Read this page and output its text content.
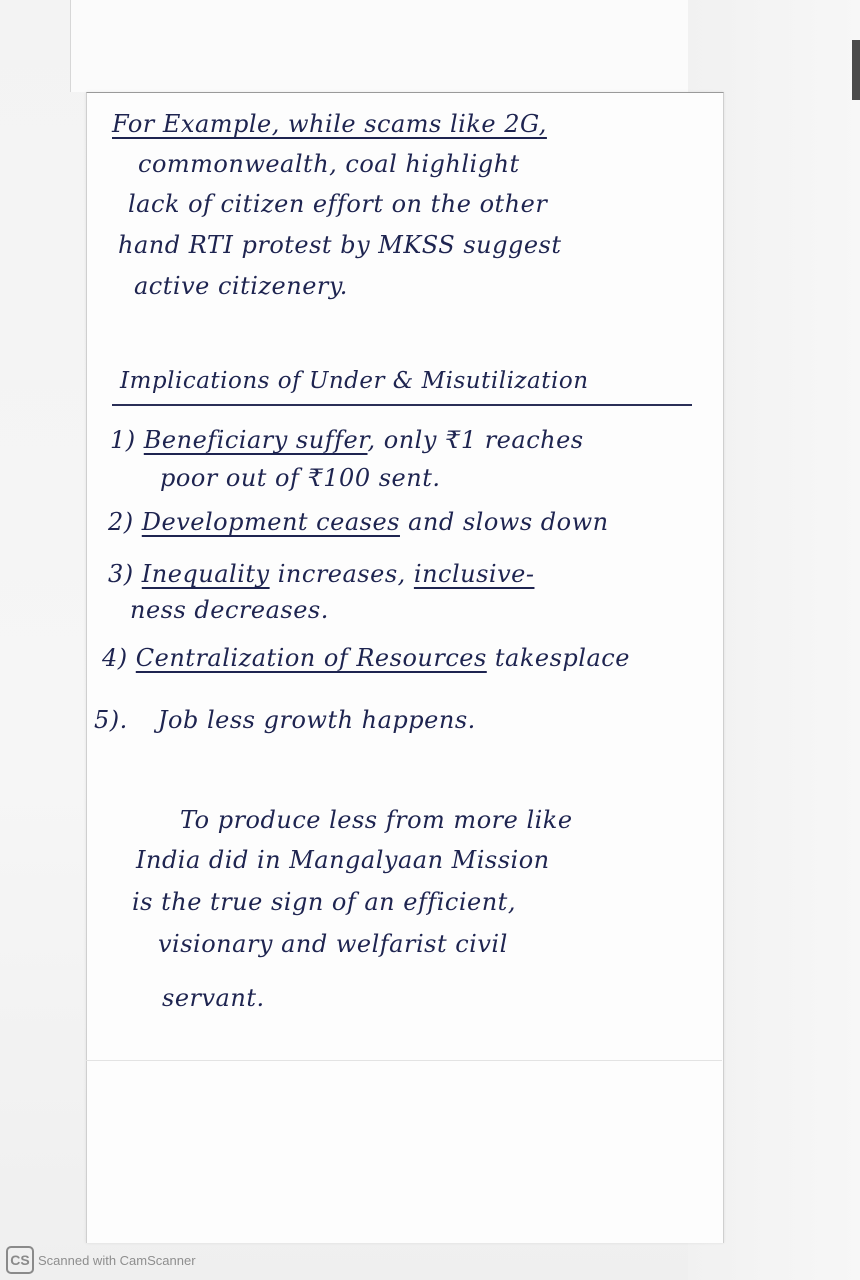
For Example, while scams like 2G,
commonwealth, coal highlight
lack of citizen effort on the other
hand RTI protest by MKSS suggest
active citizenery.
Implications of Under & Misutilization
1) Beneficiary suffer, only ₹1 reaches
poor out of ₹100 sent.
2) Development ceases and slows down
3) Inequality increases, inclusive-
ness decreases.
4) Centralization of Resources takesplace
5). Job less growth happens.
To produce less from more like
India did in Mangalyaan Mission
is the true sign of an efficient,
visionary and welfarist civil
servant.
CS Scanned with CamScanner
